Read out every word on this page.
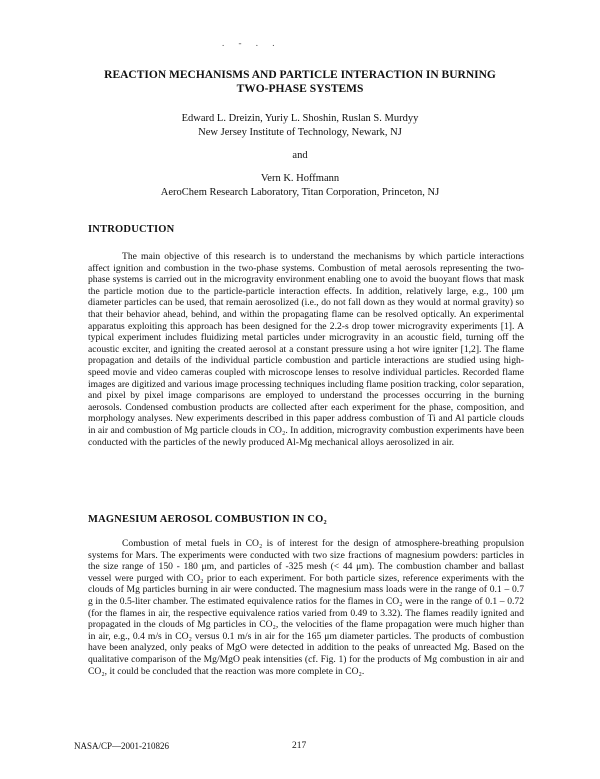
. - . .
REACTION MECHANISMS AND PARTICLE INTERACTION IN BURNING
TWO-PHASE SYSTEMS
Edward L. Dreizin, Yuriy L. Shoshin, Ruslan S. Murdyy
New Jersey Institute of Technology, Newark, NJ
and
Vern K. Hoffmann
AeroChem Research Laboratory, Titan Corporation, Princeton, NJ
INTRODUCTION
The main objective of this research is to understand the mechanisms by which particle interactions affect ignition and combustion in the two-phase systems. Combustion of metal aerosols representing the two-phase systems is carried out in the microgravity environment enabling one to avoid the buoyant flows that mask the particle motion due to the particle-particle interaction effects. In addition, relatively large, e.g., 100 μm diameter particles can be used, that remain aerosolized (i.e., do not fall down as they would at normal gravity) so that their behavior ahead, behind, and within the propagating flame can be resolved optically. An experimental apparatus exploiting this approach has been designed for the 2.2-s drop tower microgravity experiments [1]. A typical experiment includes fluidizing metal particles under microgravity in an acoustic field, turning off the acoustic exciter, and igniting the created aerosol at a constant pressure using a hot wire igniter [1,2]. The flame propagation and details of the individual particle combustion and particle interactions are studied using high-speed movie and video cameras coupled with microscope lenses to resolve individual particles. Recorded flame images are digitized and various image processing techniques including flame position tracking, color separation, and pixel by pixel image comparisons are employed to understand the processes occurring in the burning aerosols. Condensed combustion products are collected after each experiment for the phase, composition, and morphology analyses. New experiments described in this paper address combustion of Ti and Al particle clouds in air and combustion of Mg particle clouds in CO₂. In addition, microgravity combustion experiments have been conducted with the particles of the newly produced Al-Mg mechanical alloys aerosolized in air.
MAGNESIUM AEROSOL COMBUSTION IN CO₂
Combustion of metal fuels in CO₂ is of interest for the design of atmosphere-breathing propulsion systems for Mars. The experiments were conducted with two size fractions of magnesium powders: particles in the size range of 150 - 180 μm, and particles of -325 mesh (< 44 μm). The combustion chamber and ballast vessel were purged with CO₂ prior to each experiment. For both particle sizes, reference experiments with the clouds of Mg particles burning in air were conducted. The magnesium mass loads were in the range of 0.1 – 0.7 g in the 0.5-liter chamber. The estimated equivalence ratios for the flames in CO₂ were in the range of 0.1 – 0.72 (for the flames in air, the respective equivalence ratios varied from 0.49 to 3.32). The flames readily ignited and propagated in the clouds of Mg particles in CO₂, the velocities of the flame propagation were much higher than in air, e.g., 0.4 m/s in CO₂ versus 0.1 m/s in air for the 165 μm diameter particles. The products of combustion have been analyzed, only peaks of MgO were detected in addition to the peaks of unreacted Mg. Based on the qualitative comparison of the Mg/MgO peak intensities (cf. Fig. 1) for the products of Mg combustion in air and CO₂, it could be concluded that the reaction was more complete in CO₂.
NASA/CP—2001-210826	217
